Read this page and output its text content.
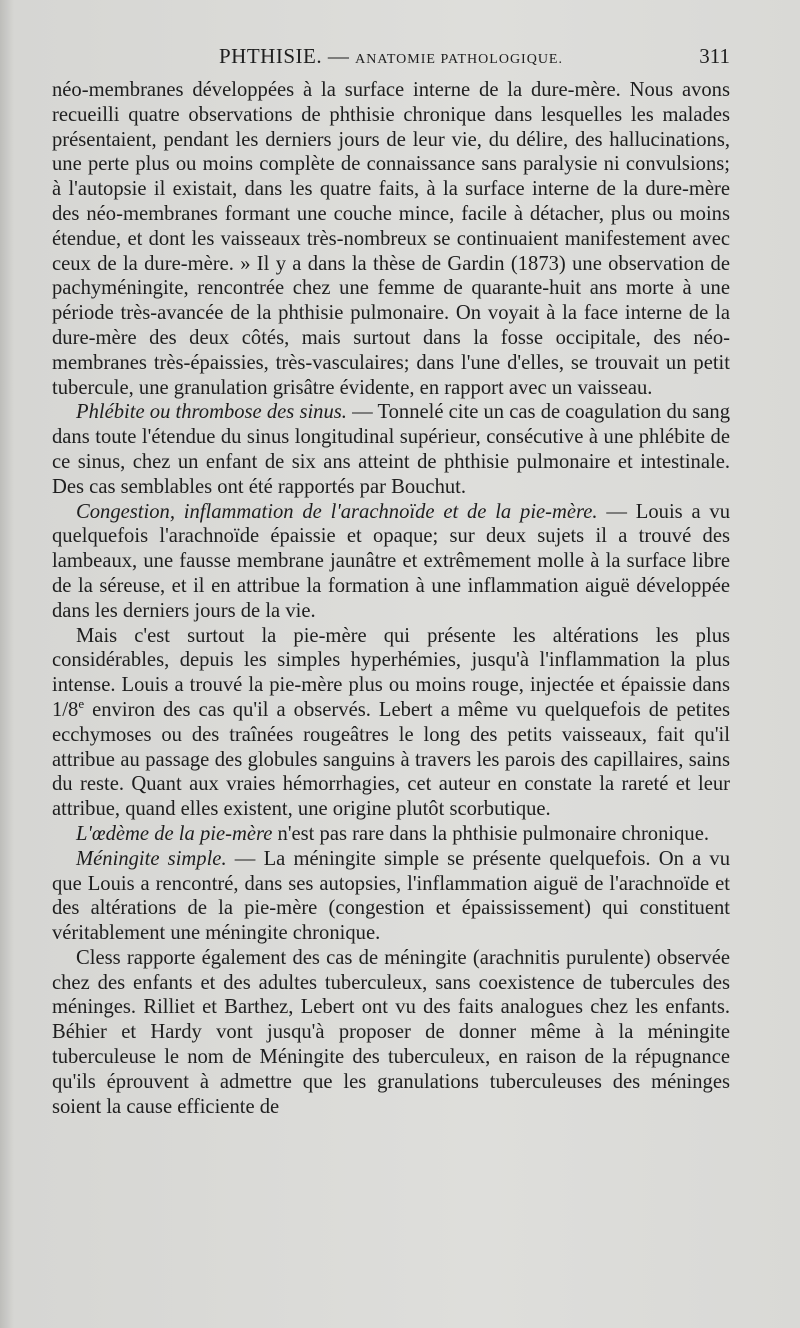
PHTHISIE. — ANATOMIE PATHOLOGIQUE.	311

néo-membranes développées à la surface interne de la dure-mère. Nous avons recueilli quatre observations de phthisie chronique dans lesquelles les malades présentaient, pendant les derniers jours de leur vie, du délire, des hallucinations, une perte plus ou moins complète de connaissance sans paralysie ni convulsions; à l'autopsie il existait, dans les quatre faits, à la surface interne de la dure-mère des néo-membranes formant une couche mince, facile à détacher, plus ou moins étendue, et dont les vaisseaux très-nombreux se continuaient manifestement avec ceux de la dure-mère. » Il y a dans la thèse de Gardin (1873) une observation de pachyméningite, rencontrée chez une femme de quarante-huit ans morte à une période très-avancée de la phthisie pulmonaire. On voyait à la face interne de la dure-mère des deux côtés, mais surtout dans la fosse occipitale, des néo-membranes très-épaissies, très-vasculaires; dans l'une d'elles, se trouvait un petit tubercule, une granulation grisâtre évidente, en rapport avec un vaisseau.

Phlébite ou thrombose des sinus. — Tonnelé cite un cas de coagulation du sang dans toute l'étendue du sinus longitudinal supérieur, consécutive à une phlébite de ce sinus, chez un enfant de six ans atteint de phthisie pulmonaire et intestinale. Des cas semblables ont été rapportés par Bouchut.

Congestion, inflammation de l'arachnoïde et de la pie-mère. — Louis a vu quelquefois l'arachnoïde épaissie et opaque; sur deux sujets il a trouvé des lambeaux, une fausse membrane jaunâtre et extrêmement molle à la surface libre de la séreuse, et il en attribue la formation à une inflammation aiguë développée dans les derniers jours de la vie.

Mais c'est surtout la pie-mère qui présente les altérations les plus considérables, depuis les simples hyperhémies, jusqu'à l'inflammation la plus intense. Louis a trouvé la pie-mère plus ou moins rouge, injectée et épaissie dans 1/8e environ des cas qu'il a observés. Lebert a même vu quelquefois de petites ecchymoses ou des traînées rougeâtres le long des petits vaisseaux, fait qu'il attribue au passage des globules sanguins à travers les parois des capillaires, sains du reste. Quant aux vraies hémorrhagies, cet auteur en constate la rareté et leur attribue, quand elles existent, une origine plutôt scorbutique.

L'œdème de la pie-mère n'est pas rare dans la phthisie pulmonaire chronique.

Méningite simple. — La méningite simple se présente quelquefois. On a vu que Louis a rencontré, dans ses autopsies, l'inflammation aiguë de l'arachnoïde et des altérations de la pie-mère (congestion et épaississement) qui constituent véritablement une méningite chronique.

Cless rapporte également des cas de méningite (arachnitis purulente) observée chez des enfants et des adultes tuberculeux, sans coexistence de tubercules des méninges. Rilliet et Barthez, Lebert ont vu des faits analogues chez les enfants. Béhier et Hardy vont jusqu'à proposer de donner même à la méningite tuberculeuse le nom de Méningite des tuberculeux, en raison de la répugnance qu'ils éprouvent à admettre que les granulations tuberculeuses des méninges soient la cause efficiente de
